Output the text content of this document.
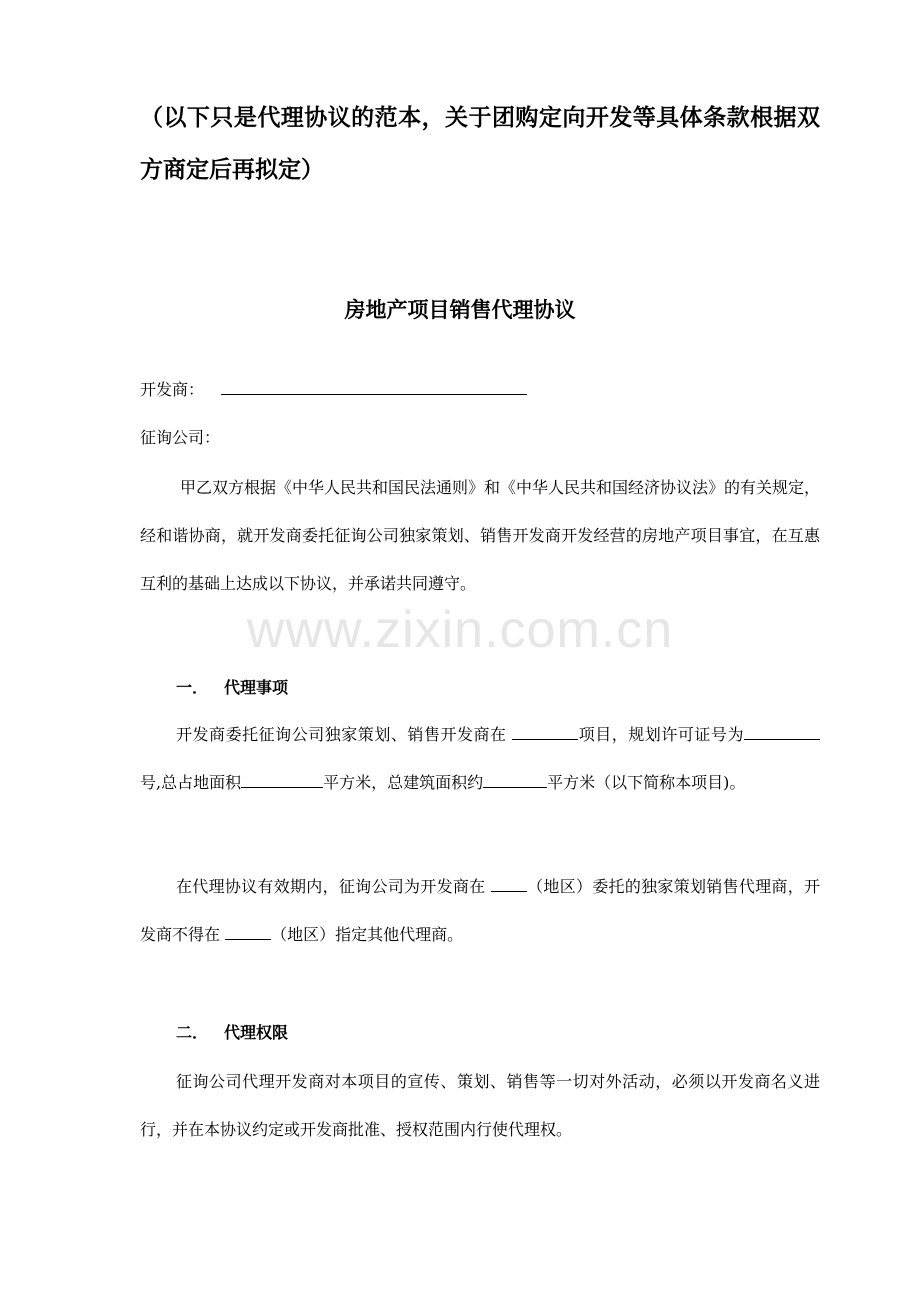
www.zixin.com.cn
（以下只是代理协议的范本，关于团购定向开发等具体条款根据双方商定后再拟定）
房地产项目销售代理协议
开发商：
征询公司：
甲乙双方根据《中华人民共和国民法通则》和《中华人民共和国经济协议法》的有关规定，经和谐协商，就开发商委托征询公司独家策划、销售开发商开发经营的房地产项目事宜，在互惠互利的基础上达成以下协议，并承诺共同遵守。
一． 代理事项
开发商委托征询公司独家策划、销售开发商在	项目，规划许可证号为号,总占地面积	平方米，总建筑面积约	平方米（以下简称本项目)。
在代理协议有效期内，征询公司为开发商在 （地区）委托的独家策划销售代理商，开发商不得在	（地区）指定其他代理商。
二． 代理权限
征询公司代理开发商对本项目的宣传、策划、销售等一切对外活动，必须以开发商名义进行，并在本协议约定或开发商批准、授权范围内行使代理权。
